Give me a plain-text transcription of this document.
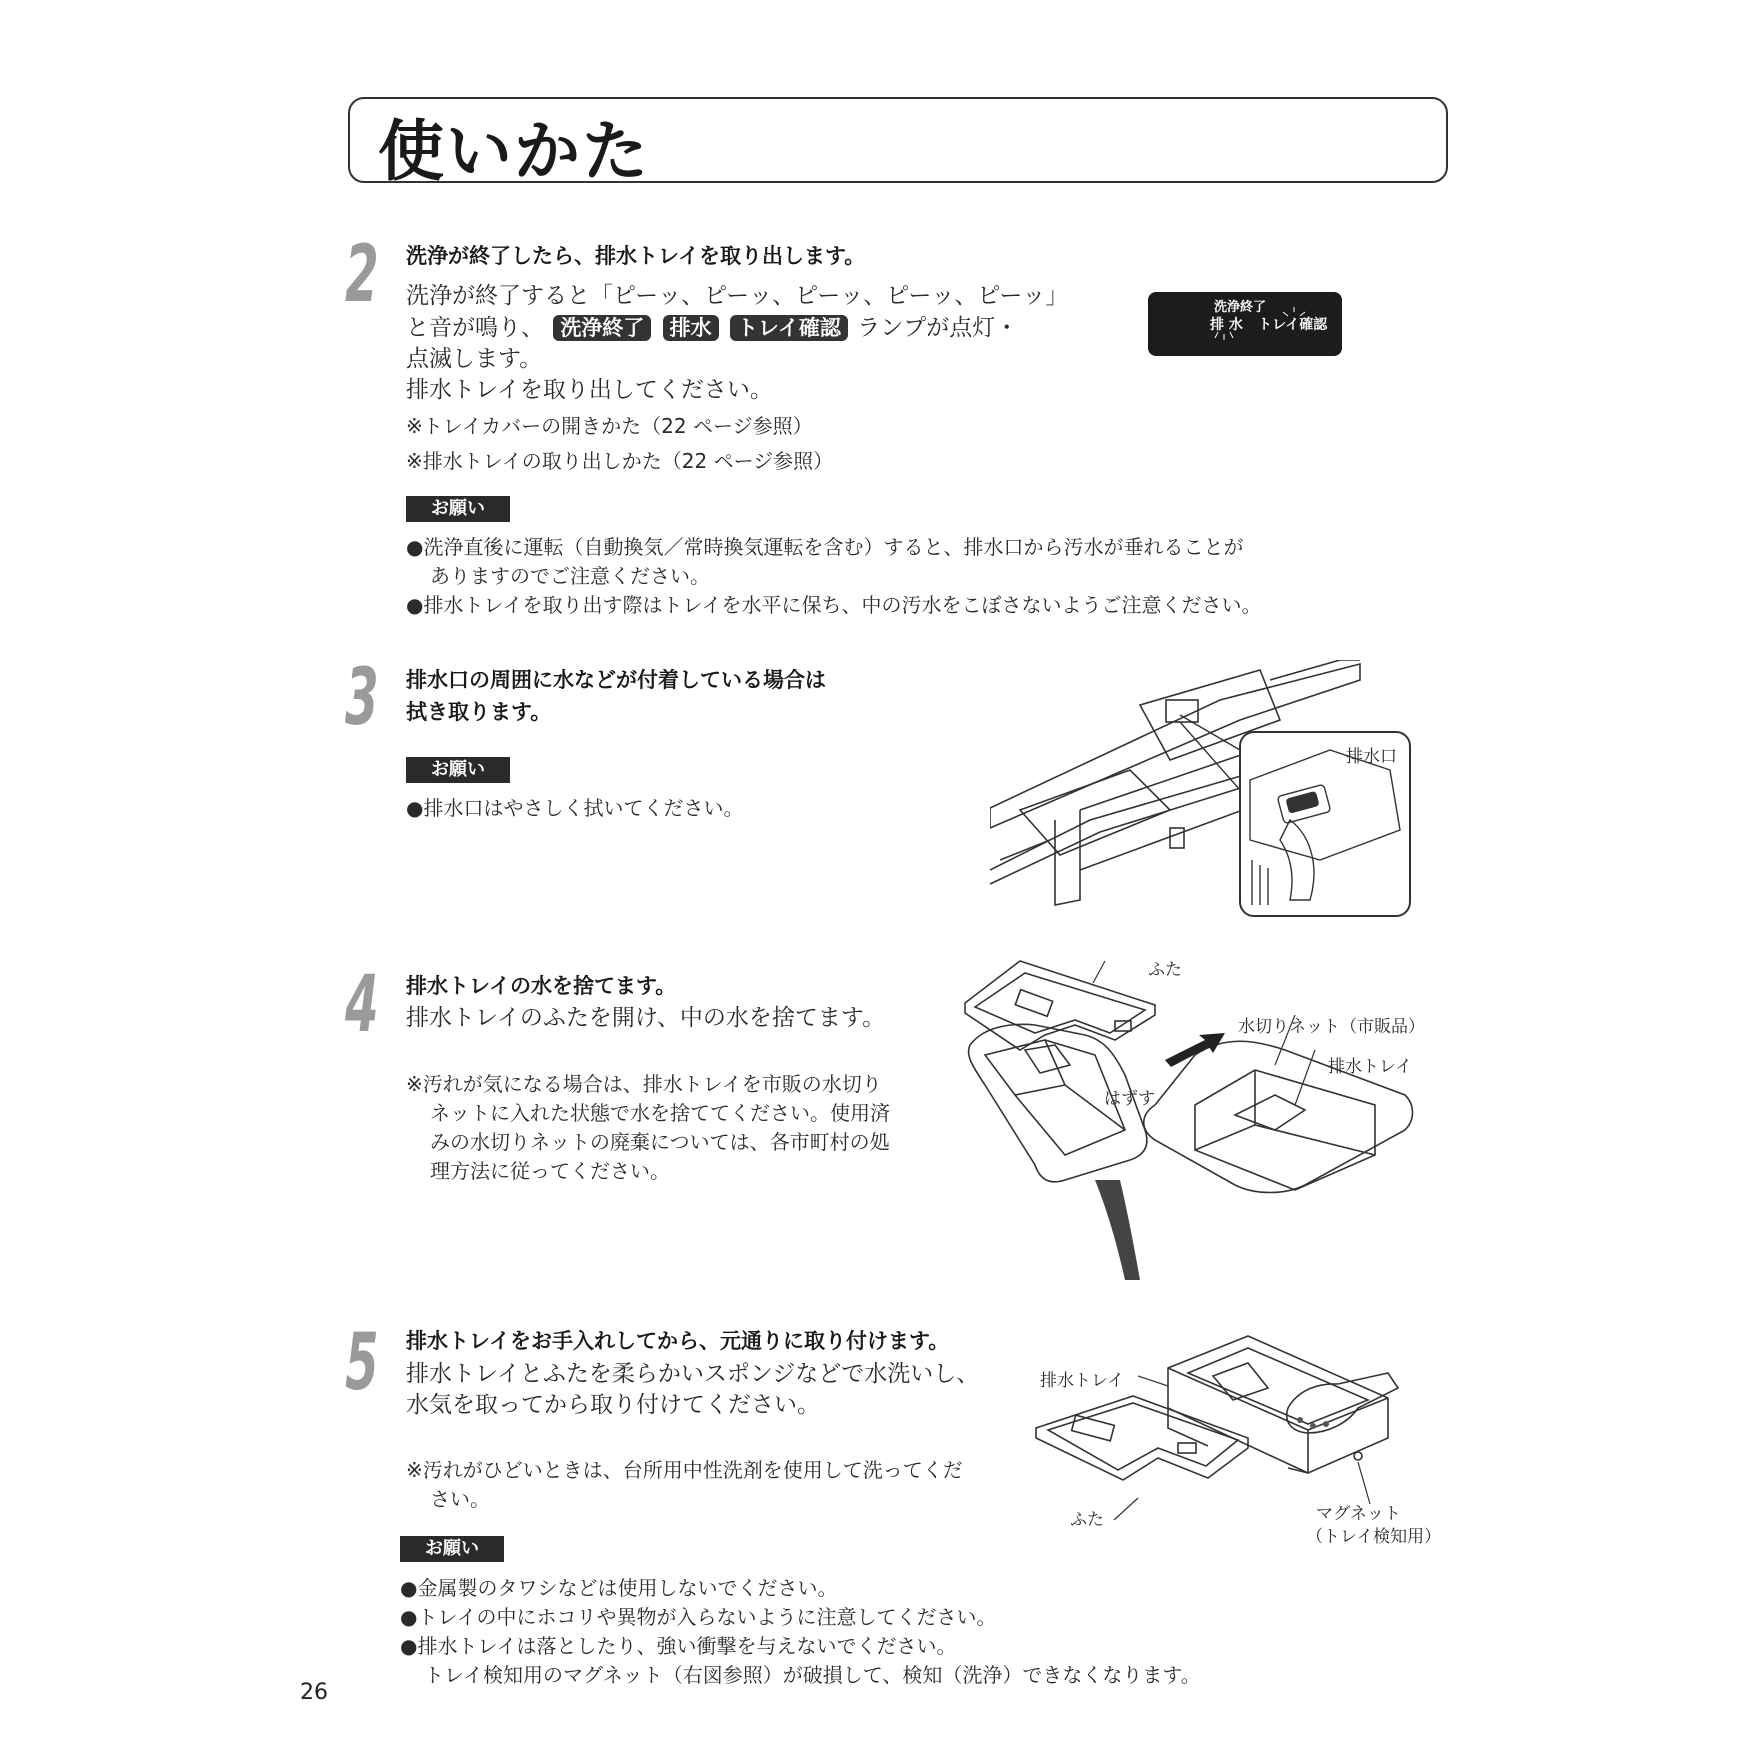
使いかた
2 洗浄が終了したら、排水トレイを取り出します。
洗浄が終了すると「ピーッ、ピーッ、ピーッ、ピーッ、ピーッ」
と音が鳴り、 洗浄終了 排水 トレイ確認 ランプが点灯・
点滅します。
排水トレイを取り出してください。
※トレイカバーの開きかた（22 ページ参照）
※排水トレイの取り出しかた（22 ページ参照）
洗浄終了
排 水 トレイ確認
お願い
●洗浄直後に運転（自動換気／常時換気運転を含む）すると、排水口から汚水が垂れることが
ありますのでご注意ください。
●排水トレイを取り出す際はトレイを水平に保ち、中の汚水をこぼさないようご注意ください。
3 排水口の周囲に水などが付着している場合は
拭き取ります。
お願い
●排水口はやさしく拭いてください。
排水口
4 排水トレイの水を捨てます。
排水トレイのふたを開け、中の水を捨てます。
※汚れが気になる場合は、排水トレイを市販の水切り
ネットに入れた状態で水を捨ててください。使用済
みの水切りネットの廃棄については、各市町村の処
理方法に従ってください。
ふた
水切りネット（市販品）
排水トレイ
はずす
5 排水トレイをお手入れしてから、元通りに取り付けます。
排水トレイとふたを柔らかいスポンジなどで水洗いし、
水気を取ってから取り付けてください。
※汚れがひどいときは、台所用中性洗剤を使用して洗ってくだ
さい。
お願い
●金属製のタワシなどは使用しないでください。
●トレイの中にホコリや異物が入らないように注意してください。
●排水トレイは落としたり、強い衝撃を与えないでください。
トレイ検知用のマグネット（右図参照）が破損して、検知（洗浄）できなくなります。
排水トレイ
ふた	マグネット
（トレイ検知用）
26
